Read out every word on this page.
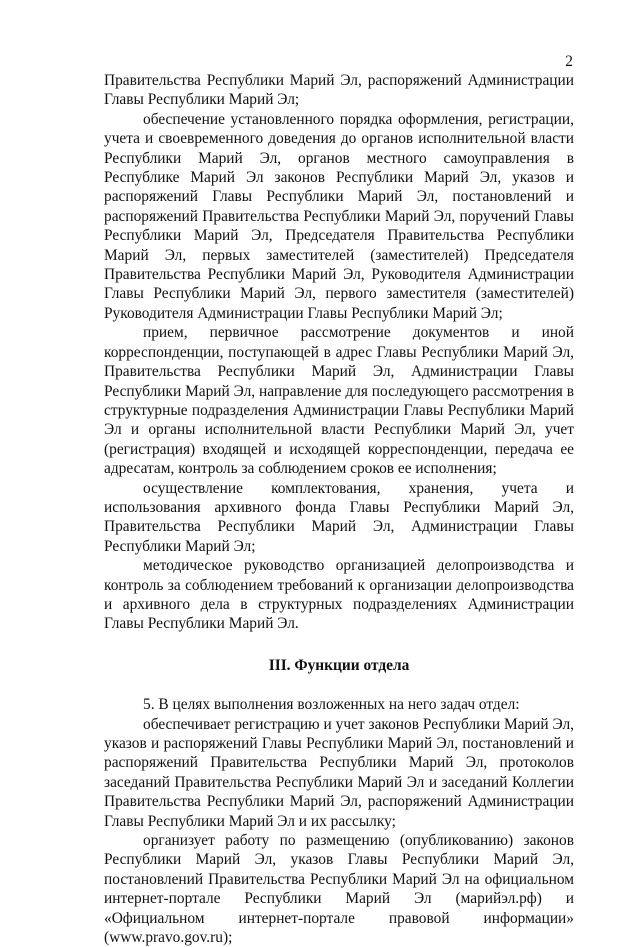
2

Правительства Республики Марий Эл, распоряжений Администрации Главы Республики Марий Эл;

обеспечение установленного порядка оформления, регистрации, учета и своевременного доведения до органов исполнительной власти Республики Марий Эл, органов местного самоуправления в Республике Марий Эл законов Республики Марий Эл, указов и распоряжений Главы Республики Марий Эл, постановлений и распоряжений Правительства Республики Марий Эл, поручений Главы Республики Марий Эл, Председателя Правительства Республики Марий Эл, первых заместителей (заместителей) Председателя Правительства Республики Марий Эл, Руководителя Администрации Главы Республики Марий Эл, первого заместителя (заместителей) Руководителя Администрации Главы Республики Марий Эл;

прием, первичное рассмотрение документов и иной корреспонденции, поступающей в адрес Главы Республики Марий Эл, Правительства Республики Марий Эл, Администрации Главы Республики Марий Эл, направление для последующего рассмотрения в структурные подразделения Администрации Главы Республики Марий Эл и органы исполнительной власти Республики Марий Эл, учет (регистрация) входящей и исходящей корреспонденции, передача ее адресатам, контроль за соблюдением сроков ее исполнения;

осуществление комплектования, хранения, учета и использования архивного фонда Главы Республики Марий Эл, Правительства Республики Марий Эл, Администрации Главы Республики Марий Эл;

методическое руководство организацией делопроизводства и контроль за соблюдением требований к организации делопроизводства и архивного дела в структурных подразделениях Администрации Главы Республики Марий Эл.

III. Функции отдела

5. В целях выполнения возложенных на него задач отдел:

обеспечивает регистрацию и учет законов Республики Марий Эл, указов и распоряжений Главы Республики Марий Эл, постановлений и распоряжений Правительства Республики Марий Эл, протоколов заседаний Правительства Республики Марий Эл и заседаний Коллегии Правительства Республики Марий Эл, распоряжений Администрации Главы Республики Марий Эл и их рассылку;

организует работу по размещению (опубликованию) законов Республики Марий Эл, указов Главы Республики Марий Эл, постановлений Правительства Республики Марий Эл на официальном интернет-портале Республики Марий Эл (марийэл.рф) и «Официальном интернет-портале правовой информации» (www.pravo.gov.ru);
